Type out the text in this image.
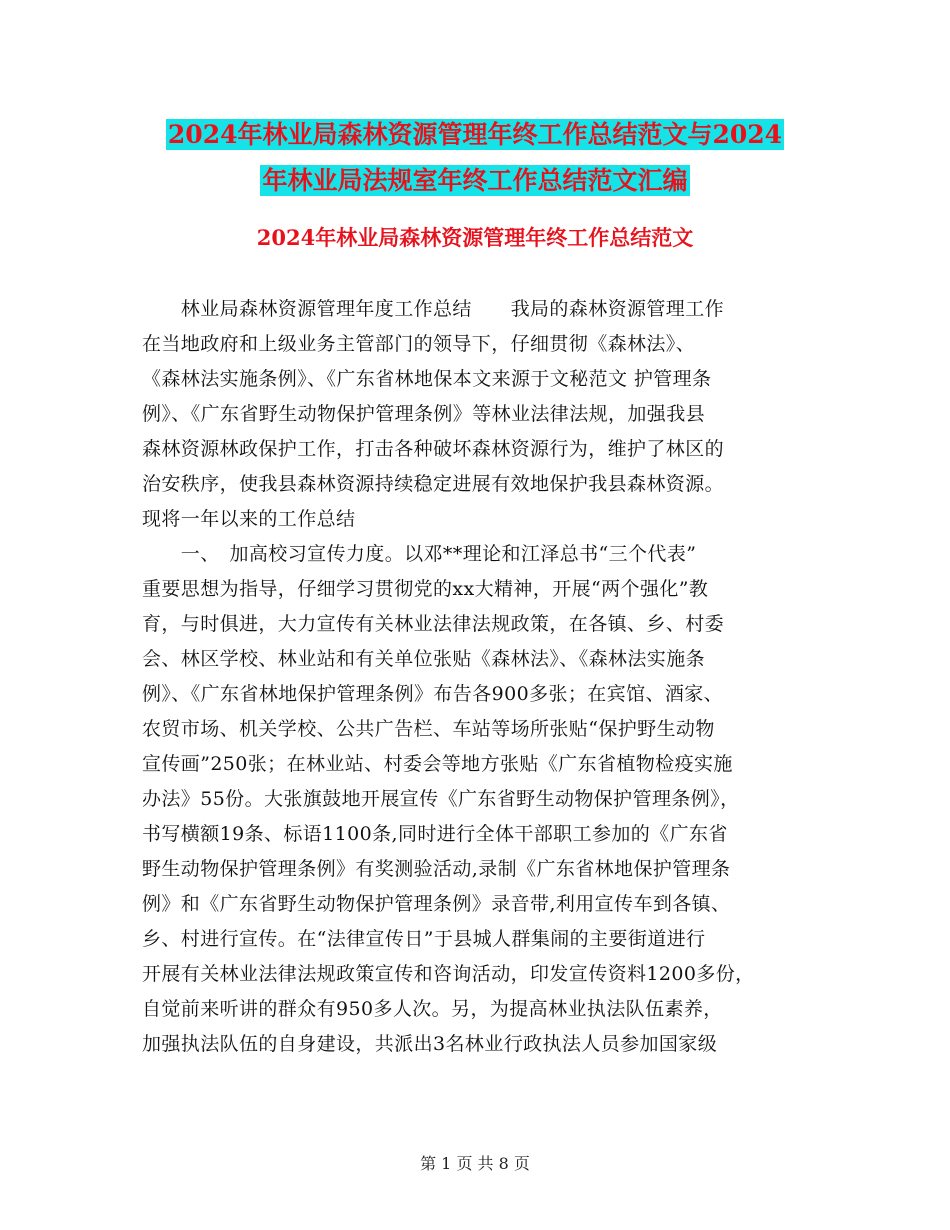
2024年林业局森林资源管理年终工作总结范文与2024
年林业局法规室年终工作总结范文汇编
2024年林业局森林资源管理年终工作总结范文
　　林业局森林资源管理年度工作总结　　我局的森林资源管理工作
在当地政府和上级业务主管部门的领导下，仔细贯彻《森林法》、
《森林法实施条例》、《广东省林地保本文来源于文秘范文 护管理条
例》、《广东省野生动物保护管理条例》等林业法律法规，加强我县
森林资源林政保护工作，打击各种破坏森林资源行为，维护了林区的
治安秩序，使我县森林资源持续稳定进展有效地保护我县森林资源。
现将一年以来的工作总结
　　一、　加高校习宣传力度。以邓**理论和江泽总书“三个代表”
重要思想为指导，仔细学习贯彻党的xx大精神，开展“两个强化”教
育，与时俱进，大力宣传有关林业法律法规政策，在各镇、乡、村委
会、林区学校、林业站和有关单位张贴《森林法》、《森林法实施条
例》、《广东省林地保护管理条例》布告各900多张；在宾馆、酒家、
农贸市场、机关学校、公共广告栏、车站等场所张贴“保护野生动物
宣传画”250张；在林业站、村委会等地方张贴《广东省植物检疫实施
办法》55份。大张旗鼓地开展宣传《广东省野生动物保护管理条例》，
书写横额19条、标语1100条,同时进行全体干部职工参加的《广东省
野生动物保护管理条例》有奖测验活动,录制《广东省林地保护管理条
例》和《广东省野生动物保护管理条例》录音带,利用宣传车到各镇、
乡、村进行宣传。在“法律宣传日”于县城人群集闹的主要街道进行
开展有关林业法律法规政策宣传和咨询活动，印发宣传资料1200多份，
自觉前来听讲的群众有950多人次。另，为提高林业执法队伍素养，
加强执法队伍的自身建设，共派出3名林业行政执法人员参加国家级
第 1 页 共 8 页
